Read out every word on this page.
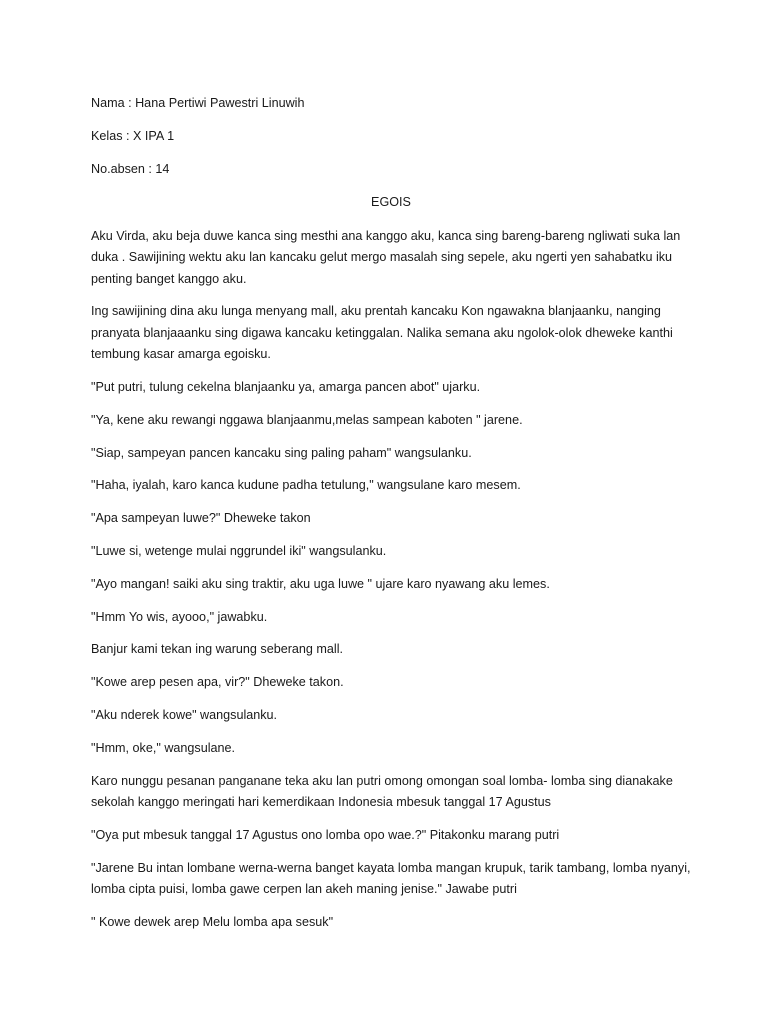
Nama : Hana Pertiwi Pawestri Linuwih

Kelas : X IPA 1

No.absen : 14

EGOIS

Aku Virda, aku beja duwe kanca sing mesthi ana kanggo aku, kanca sing bareng-bareng ngliwati suka lan duka . Sawijining wektu aku lan kancaku gelut mergo masalah sing sepele, aku ngerti yen sahabatku iku penting banget kanggo aku.

Ing sawijining dina aku lunga menyang mall, aku prentah kancaku Kon ngawakna blanjaanku, nanging pranyata blanjaaanku sing digawa kancaku ketinggalan. Nalika semana aku ngolok-olok dheweke kanthi tembung kasar amarga egoisku.

"Put putri, tulung cekelna blanjaanku ya, amarga pancen abot" ujarku.

"Ya, kene aku rewangi nggawa blanjaanmu,melas sampean kaboten " jarene.

"Siap, sampeyan pancen kancaku sing paling paham" wangsulanku.

"Haha, iyalah, karo kanca kudune padha tetulung," wangsulane karo mesem.

"Apa sampeyan luwe?" Dheweke takon

"Luwe si, wetenge mulai nggrundel iki" wangsulanku.

"Ayo mangan! saiki aku sing traktir, aku uga luwe " ujare karo nyawang aku lemes.

"Hmm Yo wis, ayooo," jawabku.

Banjur kami tekan ing warung seberang mall.

"Kowe arep pesen apa, vir?" Dheweke takon.

"Aku nderek kowe" wangsulanku.

"Hmm, oke," wangsulane.

Karo nunggu pesanan panganane teka aku lan putri omong omongan soal lomba- lomba sing dianakake sekolah kanggo meringati hari kemerdikaan Indonesia mbesuk tanggal 17 Agustus

"Oya put mbesuk tanggal 17 Agustus ono lomba opo wae.?" Pitakonku marang putri

"Jarene Bu intan lombane werna-werna banget kayata lomba mangan krupuk, tarik tambang, lomba nyanyi, lomba cipta puisi, lomba gawe cerpen lan akeh maning jenise." Jawabe putri

" Kowe dewek arep Melu lomba apa sesuk"
